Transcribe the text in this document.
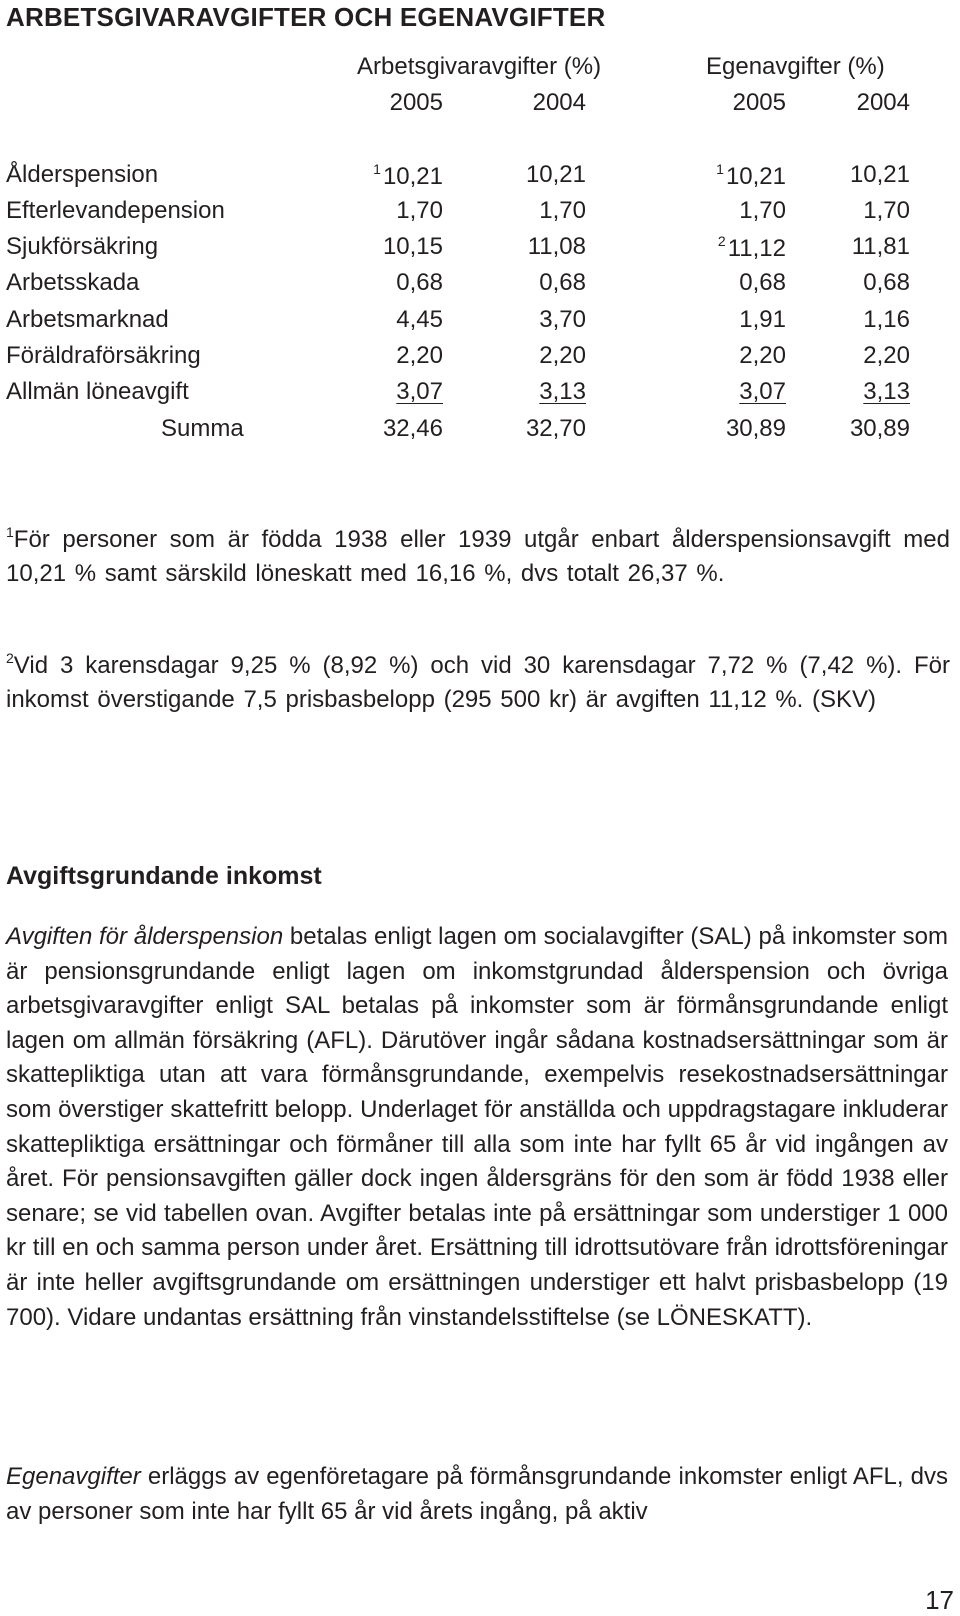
ARBETSGIVARAVGIFTER OCH EGENAVGIFTER
Arbetsgivaravgifter (%)	Egenavgifter (%)
2005	2004	2005	2004
Ålderspension	$^1$10,21	10,21	$^1$10,21	10,21
Efterlevandepension	1,70	1,70	1,70	1,70
Sjukförsäkring	10,15	11,08	$^2$11,12	11,81
Arbetsskada	0,68	0,68	0,68	0,68
Arbetsmarknad	4,45	3,70	1,91	1,16
Föräldraförsäkring	2,20	2,20	2,20	2,20
Allmän löneavgift	3,07	3,13	3,07	3,13
Summa	32,46	32,70	30,89	30,89
$^1$För personer som är födda 1938 eller 1939 utgår enbart ålderspensionsavgift med 10,21 % samt särskild löneskatt med 16,16 %, dvs totalt 26,37 %.
$^2$Vid 3 karensdagar 9,25 % (8,92 %) och vid 30 karensdagar 7,72 % (7,42 %). För inkomst överstigande 7,5 prisbasbelopp (295 500 kr) är avgiften 11,12 %. (SKV)
Avgiftsgrundande inkomst
Avgiften för ålderspension betalas enligt lagen om socialavgifter (SAL) på inkomster som är pensionsgrundande enligt lagen om inkomstgrundad ålderspension och övriga arbetsgivaravgifter enligt SAL betalas på inkomster som är förmånsgrundande enligt lagen om allmän försäkring (AFL). Därutöver ingår sådana kostnadsersättningar som är skattepliktiga utan att vara förmånsgrundande, exempelvis resekostnadsersättningar som överstiger skattefritt belopp. Underlaget för anställda och uppdragstagare inkluderar skattepliktiga ersättningar och förmåner till alla som inte har fyllt 65 år vid ingången av året. För pensionsavgiften gäller dock ingen åldersgräns för den som är född 1938 eller senare; se vid tabellen ovan. Avgifter betalas inte på ersättningar som understiger 1 000 kr till en och samma person under året. Ersättning till idrottsutövare från idrottsföreningar är inte heller avgiftsgrundande om ersättningen understiger ett halvt prisbasbelopp (19 700). Vidare undantas ersättning från vinstandelsstiftelse (se LÖNESKATT).
Egenavgifter erläggs av egenföretagare på förmånsgrundande inkomster enligt AFL, dvs av personer som inte har fyllt 65 år vid årets ingång, på aktiv
17
